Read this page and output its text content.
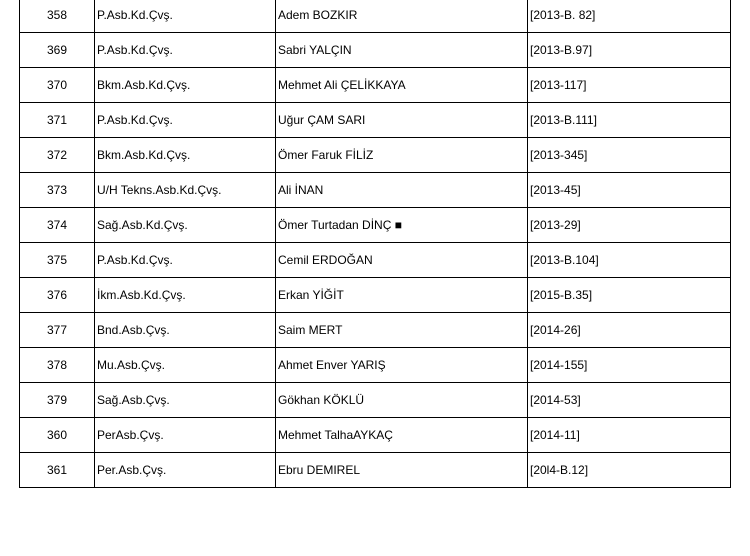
358	P.Asb.Kd.Çvş.	Adem BOZKIR	[2013-B. 82]
369	P.Asb.Kd.Çvş.	Sabri YALÇIN	[2013-B.97]
370	Bkm.Asb.Kd.Çvş.	Mehmet Ali ÇELİKKAYA	[2013-117]
371	P.Asb.Kd.Çvş.	Uğur ÇAM SARI	[2013-B.111]
372	Bkm.Asb.Kd.Çvş.	Ömer Faruk FİLİZ	[2013-345]
373	U/H Tekns.Asb.Kd.Çvş.	Ali İNAN	[2013-45]
374	Sağ.Asb.Kd.Çvş.	Ömer Turtadan DİNÇ ■	[2013-29]
375	P.Asb.Kd.Çvş.	Cemil ERDOĞAN	[2013-B.104]
376	İkm.Asb.Kd.Çvş.	Erkan YİĞİT	[2015-B.35]
377	Bnd.Asb.Çvş.	Saim MERT	[2014-26]
378	Mu.Asb.Çvş.	Ahmet Enver YARIŞ	[2014-155]
379	Sağ.Asb.Çvş.	Gökhan KÖKLÜ	[2014-53]
360	PerAsb.Çvş.	Mehmet TalhaAYKAÇ	[2014-11]
361	Per.Asb.Çvş.	Ebru DEMIREL	[20l4-B.12]
